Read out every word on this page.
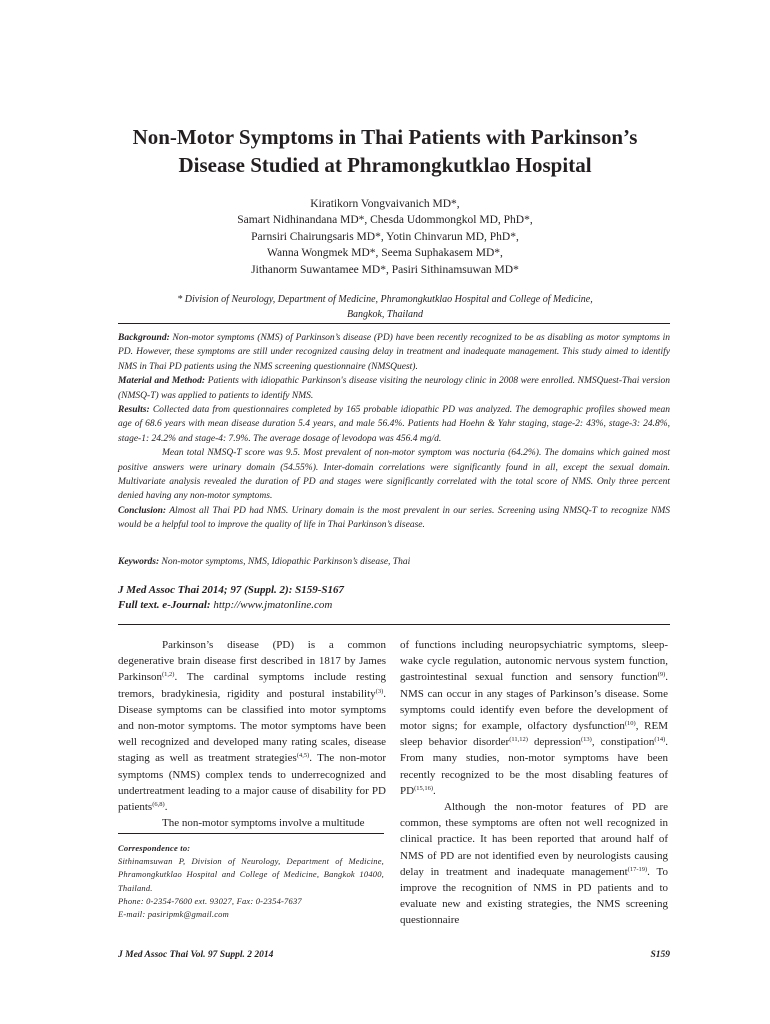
Non-Motor Symptoms in Thai Patients with Parkinson’s
Disease Studied at Phramongkutklao Hospital
Kiratikorn Vongvaivanich MD*,
Samart Nidhinandana MD*, Chesda Udommongkol MD, PhD*,
Parnsiri Chairungsaris MD*, Yotin Chinvarun MD, PhD*,
Wanna Wongmek MD*, Seema Suphakasem MD*,
Jithanorm Suwantamee MD*, Pasiri Sithinamsuwan MD*
* Division of Neurology, Department of Medicine, Phramongkutklao Hospital and College of Medicine,
Bangkok, Thailand

Background: Non-motor symptoms (NMS) of Parkinson’s disease (PD) have been recently recognized to be as disabling as motor symptoms in PD. However, these symptoms are still under recognized causing delay in treatment and inadequate management. This study aimed to identify NMS in Thai PD patients using the NMS screening questionnaire (NMSQuest).

Material and Method: Patients with idiopathic Parkinson's disease visiting the neurology clinic in 2008 were enrolled. NMSQuest-Thai version (NMSQ-T) was applied to patients to identify NMS.

Results: Collected data from questionnaires completed by 165 probable idiopathic PD was analyzed. The demographic profiles showed mean age of 68.6 years with mean disease duration 5.4 years, and male 56.4%. Patients had Hoehn & Yahr staging, stage-2: 43%, stage-3: 24.8%, stage-1: 24.2% and stage-4: 7.9%. The average dosage of levodopa was 456.4 mg/d.

Mean total NMSQ-T score was 9.5. Most prevalent of non-motor symptom was nocturia (64.2%). The domains which gained most positive answers were urinary domain (54.55%). Inter-domain correlations were significantly found in all, except the sexual domain. Multivariate analysis revealed the duration of PD and stages were significantly correlated with the total score of NMS. Only three percent denied having any non-motor symptoms.

Conclusion: Almost all Thai PD had NMS. Urinary domain is the most prevalent in our series. Screening using NMSQ-T to recognize NMS would be a helpful tool to improve the quality of life in Thai Parkinson’s disease.

Keywords: Non-motor symptoms, NMS, Idiopathic Parkinson’s disease, Thai
J Med Assoc Thai 2014; 97 (Suppl. 2): S159-S167
Full text. e-Journal: http://www.jmatonline.com

Parkinson’s disease (PD) is a common degenerative brain disease first described in 1817 by James Parkinson$^{(1,2)}$. The cardinal symptoms include resting tremors, bradykinesia, rigidity and postural instability$^{(3)}$. Disease symptoms can be classified into motor symptoms and non-motor symptoms. The motor symptoms have been well recognized and developed many rating scales, disease staging as well as treatment strategies$^{(4,5)}$. The non-motor symptoms (NMS) complex tends to underrecognized and undertreatment leading to a major cause of disability for PD patients$^{(6,8)}$.

The non-motor symptoms involve a multitude

Correspondence to:
Sithinamsuwan P, Division of Neurology, Department of Medicine, Phramongkutklao Hospital and College of Medicine, Bangkok 10400, Thailand.
Phone: 0-2354-7600 ext. 93027, Fax: 0-2354-7637
E-mail: pasiripmk@gmail.com

of functions including neuropsychiatric symptoms, sleep-wake cycle regulation, autonomic nervous system function, gastrointestinal sexual function and sensory function$^{(9)}$. NMS can occur in any stages of Parkinson’s disease. Some symptoms could identify even before the development of motor signs; for example, olfactory dysfunction$^{(10)}$, REM sleep behavior disorder$^{(11,12)}$ depression$^{(13)}$, constipation$^{(14)}$. From many studies, non-motor symptoms have been recently recognized to be the most disabling features of PD$^{(15,16)}$.

Although the non-motor features of PD are common, these symptoms are often not well recognized in clinical practice. It has been reported that around half of NMS of PD are not identified even by neurologists causing delay in treatment and inadequate management$^{(17-19)}$. To improve the recognition of NMS in PD patients and to evaluate new and existing strategies, the NMS screening questionnaire

J Med Assoc Thai Vol. 97 Suppl. 2 2014	S159
